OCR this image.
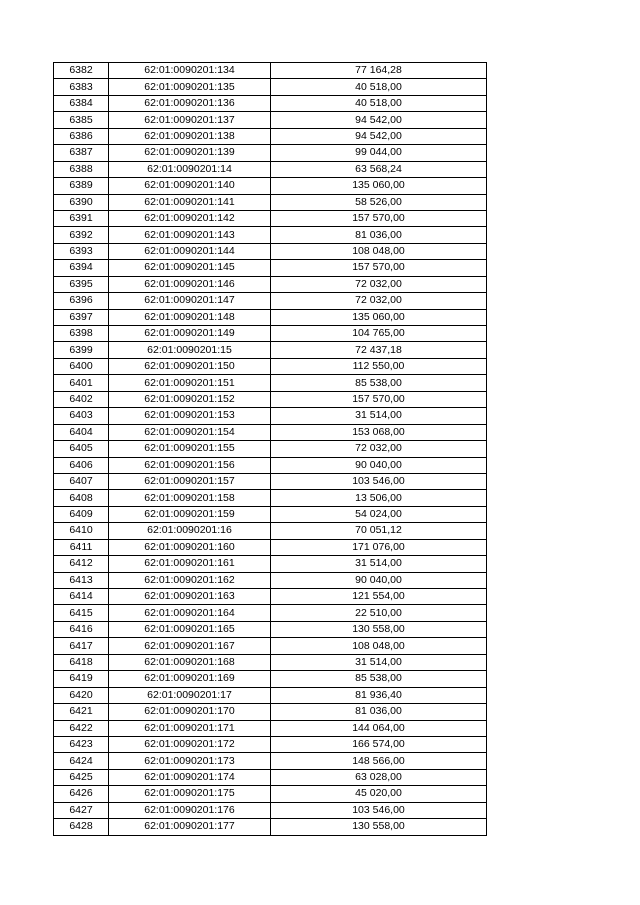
6382	62:01:0090201:134	77 164,28
6383	62:01:0090201:135	40 518,00
6384	62:01:0090201:136	40 518,00
6385	62:01:0090201:137	94 542,00
6386	62:01:0090201:138	94 542,00
6387	62:01:0090201:139	99 044,00
6388	62:01:0090201:14	63 568,24
6389	62:01:0090201:140	135 060,00
6390	62:01:0090201:141	58 526,00
6391	62:01:0090201:142	157 570,00
6392	62:01:0090201:143	81 036,00
6393	62:01:0090201:144	108 048,00
6394	62:01:0090201:145	157 570,00
6395	62:01:0090201:146	72 032,00
6396	62:01:0090201:147	72 032,00
6397	62:01:0090201:148	135 060,00
6398	62:01:0090201:149	104 765,00
6399	62:01:0090201:15	72 437,18
6400	62:01:0090201:150	112 550,00
6401	62:01:0090201:151	85 538,00
6402	62:01:0090201:152	157 570,00
6403	62:01:0090201:153	31 514,00
6404	62:01:0090201:154	153 068,00
6405	62:01:0090201:155	72 032,00
6406	62:01:0090201:156	90 040,00
6407	62:01:0090201:157	103 546,00
6408	62:01:0090201:158	13 506,00
6409	62:01:0090201:159	54 024,00
6410	62:01:0090201:16	70 051,12
6411	62:01:0090201:160	171 076,00
6412	62:01:0090201:161	31 514,00
6413	62:01:0090201:162	90 040,00
6414	62:01:0090201:163	121 554,00
6415	62:01:0090201:164	22 510,00
6416	62:01:0090201:165	130 558,00
6417	62:01:0090201:167	108 048,00
6418	62:01:0090201:168	31 514,00
6419	62:01:0090201:169	85 538,00
6420	62:01:0090201:17	81 936,40
6421	62:01:0090201:170	81 036,00
6422	62:01:0090201:171	144 064,00
6423	62:01:0090201:172	166 574,00
6424	62:01:0090201:173	148 566,00
6425	62:01:0090201:174	63 028,00
6426	62:01:0090201:175	45 020,00
6427	62:01:0090201:176	103 546,00
6428	62:01:0090201:177	130 558,00
